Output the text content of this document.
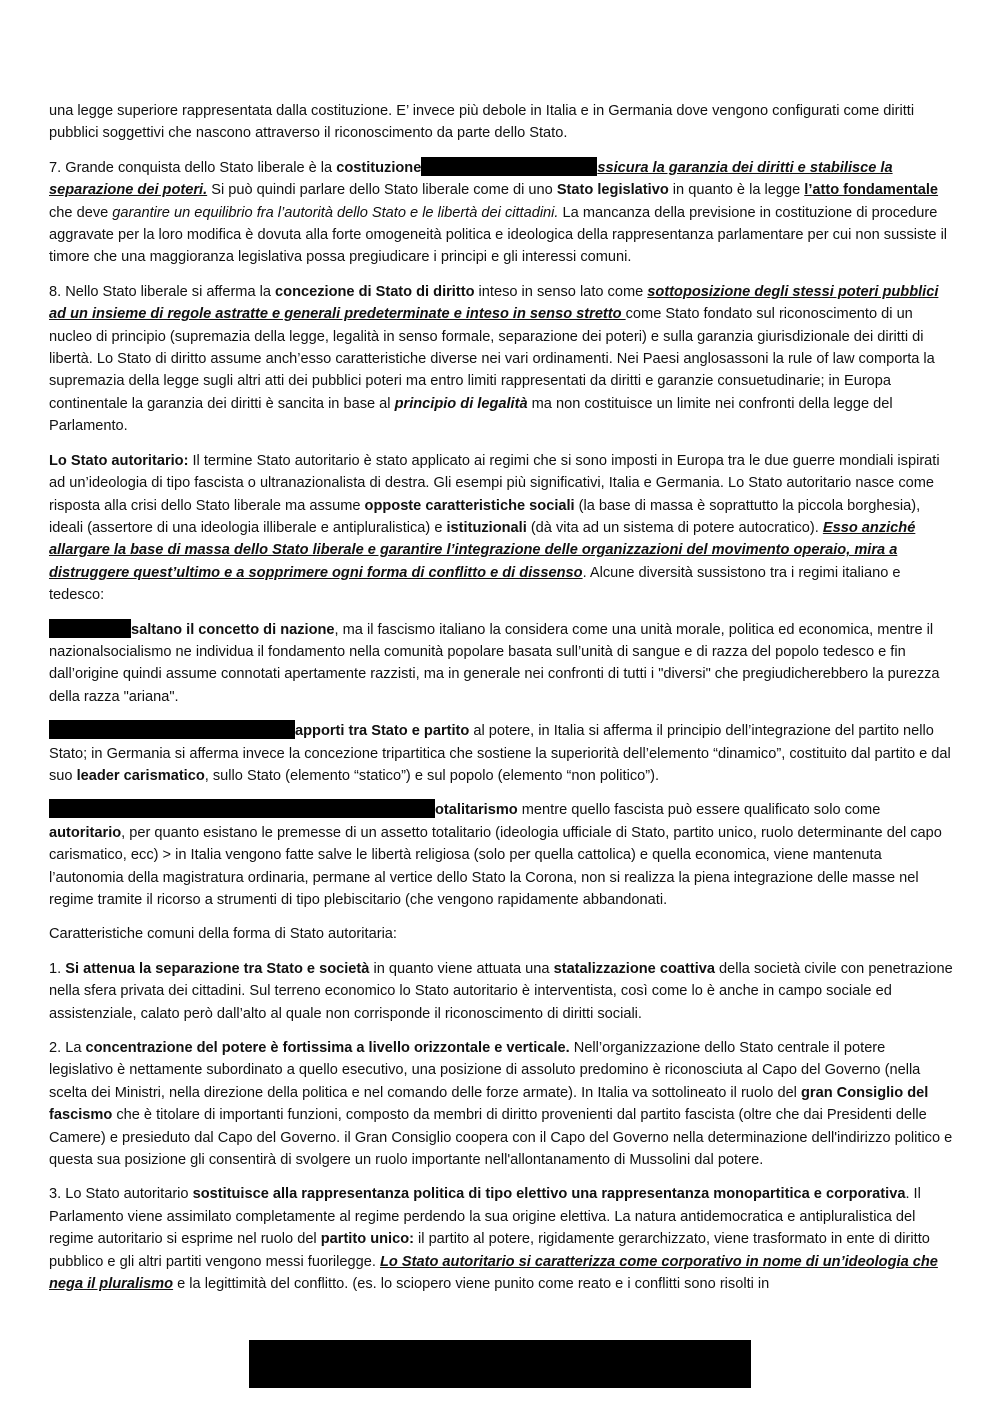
una legge superiore rappresentata dalla costituzione. E’ invece più debole in Italia e in Germania dove vengono configurati come diritti pubblici soggettivi che nascono attraverso il riconoscimento da parte dello Stato.

7. Grande conquista dello Stato liberale è la costituzione	ssicura la garanzia dei diritti e stabilisce la separazione dei poteri. Si può quindi parlare dello Stato liberale come di uno Stato legislativo in quanto è la legge l’atto fondamentale che deve garantire un equilibrio fra l’autorità dello Stato e le libertà dei cittadini. La mancanza della previsione in costituzione di procedure aggravate per la loro modifica è dovuta alla forte omogeneità politica e ideologica della rappresentanza parlamentare per cui non sussiste il timore che una maggioranza legislativa possa pregiudicare i principi e gli interessi comuni.

8. Nello Stato liberale si afferma la concezione di Stato di diritto inteso in senso lato come sottoposizione degli stessi poteri pubblici ad un insieme di regole astratte e generali predeterminate e inteso in senso stretto come Stato fondato sul riconoscimento di un nucleo di principio (supremazia della legge, legalità in senso formale, separazione dei poteri) e sulla garanzia giurisdizionale dei diritti di libertà. Lo Stato di diritto assume anch’esso caratteristiche diverse nei vari ordinamenti. Nei Paesi anglosassoni la rule of law comporta la supremazia della legge sugli altri atti dei pubblici poteri ma entro limiti rappresentati da diritti e garanzie consuetudinarie; in Europa continentale la garanzia dei diritti è sancita in base al principio di legalità ma non costituisce un limite nei confronti della legge del Parlamento.

Lo Stato autoritario: Il termine Stato autoritario è stato applicato ai regimi che si sono imposti in Europa tra le due guerre mondiali ispirati ad un’ideologia di tipo fascista o ultranazionalista di destra. Gli esempi più significativi, Italia e Germania. Lo Stato autoritario nasce come risposta alla crisi dello Stato liberale ma assume opposte caratteristiche sociali (la base di massa è soprattutto la piccola borghesia), ideali (assertore di una ideologia illiberale e antipluralistica) e istituzionali (dà vita ad un sistema di potere autocratico). Esso anziché allargare la base di massa dello Stato liberale e garantire l’integrazione delle organizzazioni del movimento operaio, mira a distruggere quest’ultimo e a sopprimere ogni forma di conflitto e di dissenso. Alcune diversità sussistono tra i regimi italiano e tedesco:

saltano il concetto di nazione, ma il fascismo italiano la considera come una unità morale, politica ed economica, mentre il nazionalsocialismo ne individua il fondamento nella comunità popolare basata sull’unità di sangue e di razza del popolo tedesco e fin dall’origine quindi assume connotati apertamente razzisti, ma in generale nei confronti di tutti i "diversi" che pregiudicherebbero la purezza della razza "ariana".

apporti tra Stato e partito al potere, in Italia si afferma il principio dell’integrazione del partito nello Stato; in Germania si afferma invece la concezione tripartitica che sostiene la superiorità dell’elemento “dinamico”, costituito dal partito e dal suo leader carismatico, sullo Stato (elemento “statico”) e sul popolo (elemento “non politico”).

otalitarismo mentre quello fascista può essere qualificato solo come autoritario, per quanto esistano le premesse di un assetto totalitario (ideologia ufficiale di Stato, partito unico, ruolo determinante del capo carismatico, ecc) > in Italia vengono fatte salve le libertà religiosa (solo per quella cattolica) e quella economica, viene mantenuta l’autonomia della magistratura ordinaria, permane al vertice dello Stato la Corona, non si realizza la piena integrazione delle masse nel regime tramite il ricorso a strumenti di tipo plebiscitario (che vengono rapidamente abbandonati.

Caratteristiche comuni della forma di Stato autoritaria:

1. Si attenua la separazione tra Stato e società in quanto viene attuata una statalizzazione coattiva della società civile con penetrazione nella sfera privata dei cittadini. Sul terreno economico lo Stato autoritario è interventista, così come lo è anche in campo sociale ed assistenziale, calato però dall’alto al quale non corrisponde il riconoscimento di diritti sociali.

2. La concentrazione del potere è fortissima a livello orizzontale e verticale. Nell’organizzazione dello Stato centrale il potere legislativo è nettamente subordinato a quello esecutivo, una posizione di assoluto predomino è riconosciuta al Capo del Governo (nella scelta dei Ministri, nella direzione della politica e nel comando delle forze armate). In Italia va sottolineato il ruolo del gran Consiglio del fascismo che è titolare di importanti funzioni, composto da membri di diritto provenienti dal partito fascista (oltre che dai Presidenti delle Camere) e presieduto dal Capo del Governo. il Gran Consiglio coopera con il Capo del Governo nella determinazione dell'indirizzo politico e questa sua posizione gli consentirà di svolgere un ruolo importante nell'allontanamento di Mussolini dal potere.

3. Lo Stato autoritario sostituisce alla rappresentanza politica di tipo elettivo una rappresentanza monopartitica e corporativa. Il Parlamento viene assimilato completamente al regime perdendo la sua origine elettiva. La natura antidemocratica e antipluralistica del regime autoritario si esprime nel ruolo del partito unico: il partito al potere, rigidamente gerarchizzato, viene trasformato in ente di diritto pubblico e gli altri partiti vengono messi fuorilegge. Lo Stato autoritario si caratterizza come corporativo in nome di un’ideologia che nega il pluralismo e la legittimità del conflitto. (es. lo sciopero viene punito come reato e i conflitti sono risolti in
